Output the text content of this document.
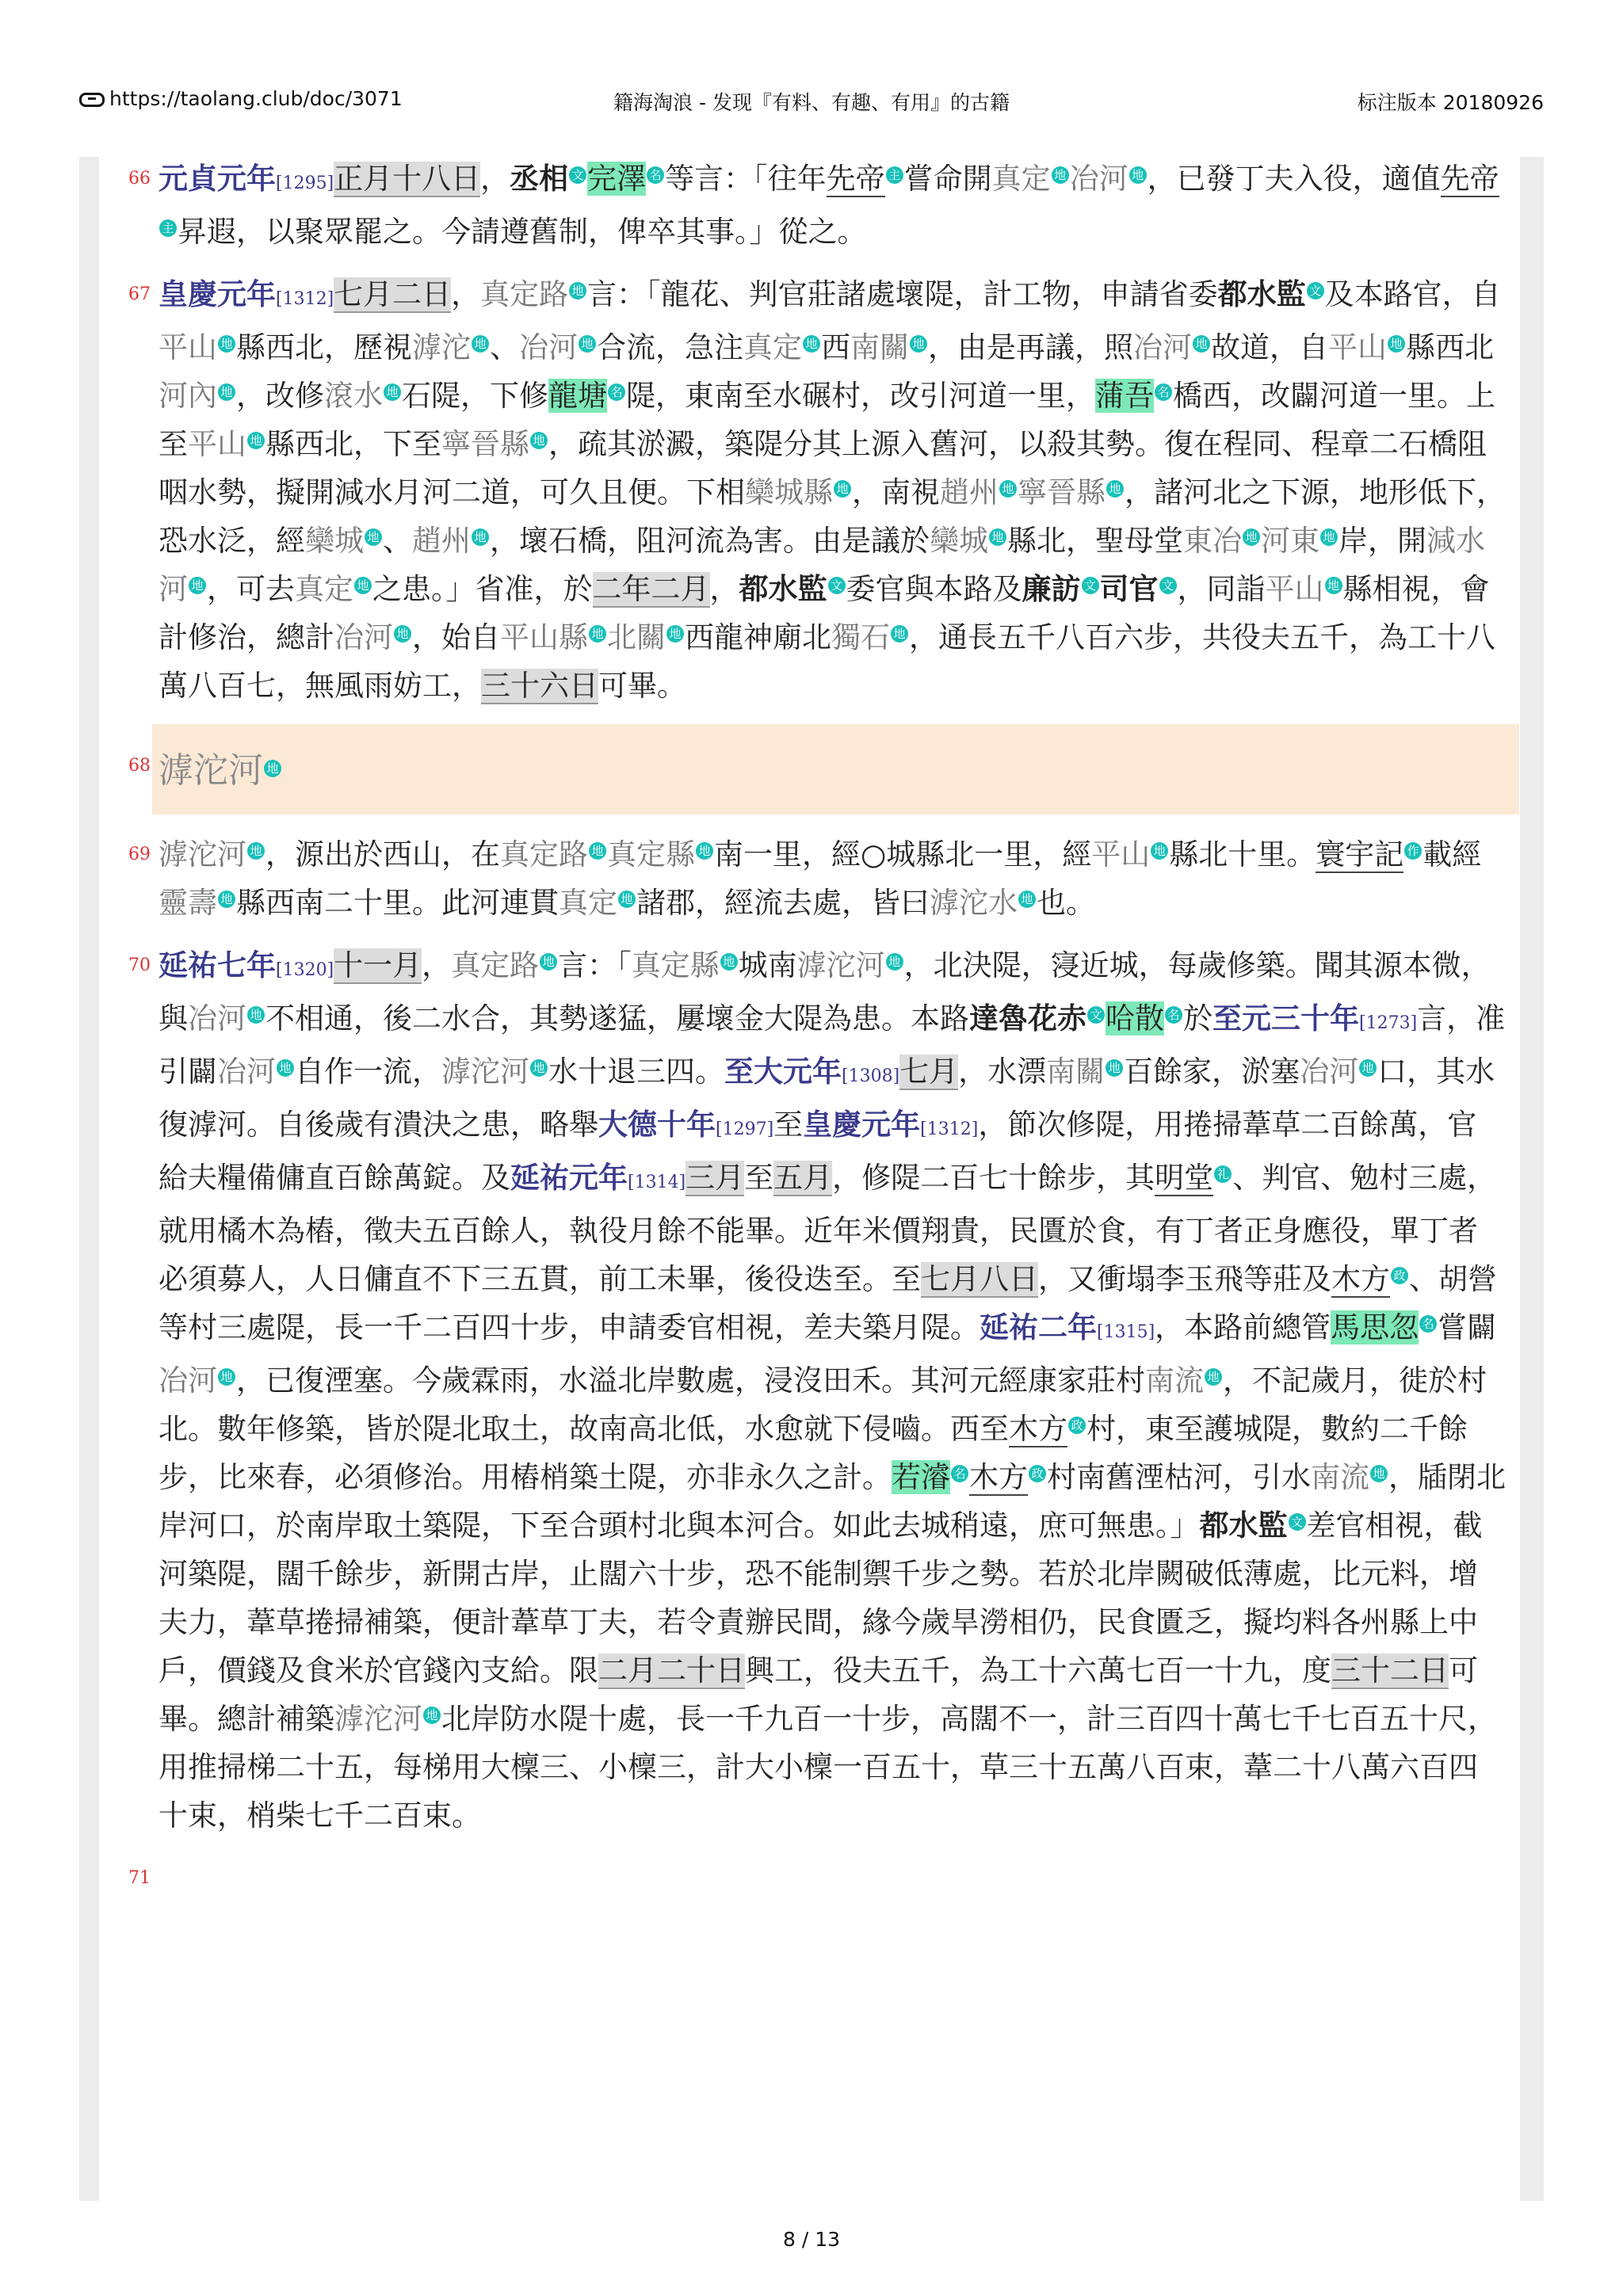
https://taolang.club/doc/3071	籍海淘浪 - 发现『有料、有趣、有用』的古籍	标注版本 20180926
66 元貞元年[1295]正月十八日，丞相 文 完澤 名 等言：「往年先帝 主 嘗命開真定 地 冶河 地 ，已發丁夫入役，適值先帝主 昇遐，以聚眾罷之。今請遵舊制，俾卒其事。」從之。
67 皇慶元年[1312]七月二日，真定路 地 言：「龍花、判官莊諸處壞隄，計工物，申請省委都水監 文 及本路官，自平山 地 縣西北，歷視滹沱 地 、冶河 地 合流，急注真定 地 西南關 地 ，由是再議，照冶河 地 故道，自平山 地 縣西北河內 地 ，改修滾水 地 石隄，下修龍塘 名 隄，東南至水碾村，改引河道一里，蒲吾 名 橋西，改闢河道一里。上至平山 地 縣西北，下至寧晉縣 地 ，疏其淤澱，築隄分其上源入舊河，以殺其勢。復在程同、程章二石橋阻咽水勢，擬開減水月河二道，可久且便。下相欒城縣 地 ，南視趙州 地 寧晉縣 地 ，諸河北之下源，地形低下，恐水泛，經欒城 地 、趙州 地 ，壞石橋，阻河流為害。由是議於欒城 地 縣北，聖母堂東冶 地 河東 地 岸，開減水河 地 ，可去真定 地 之患。」省准，於二年二月，都水監 文 委官與本路及廉訪 文 司官 文 ，同詣平山 地 縣相視，會計修治，總計冶河 地 ，始自平山縣 地 北關 地 西龍神廟北獨石 地 ，通長五千八百六步，共役夫五千，為工十八萬八百七，無風雨妨工，三十六日可畢。
68 滹沱河 地
69 滹沱河 地 ，源出於西山，在真定路 地 真定縣 地 南一里，經○城縣北一里，經平山 地 縣北十里。寰宇記 作 載經靈壽 地 縣西南二十里。此河連貫真定 地 諸郡，經流去處，皆曰滹沱水 地 也。
70 延祐七年[1320]十一月，真定路 地 言：「真定縣 地 城南滹沱河 地 ，北決隄，寖近城，每歲修築。聞其源本微，與冶河 地 不相通，後二水合，其勢遂猛，屢壞金大隄為患。本路達魯花赤 文 哈散 名 於至元三十年[1273]言，准引闢冶河 地 自作一流，滹沱河 地 水十退三四。至大元年[1308]七月，水漂南關 地 百餘家，淤塞冶河 地 口，其水復滹河。自後歲有潰決之患，略舉大德十年[1297]至皇慶元年[1312]，節次修隄，用捲掃葦草二百餘萬，官給夫糧備傭直百餘萬錠。及延祐元年[1314]三月至五月，修隄二百七十餘步，其明堂 礼 、判官、勉村三處，就用橘木為樁，徵夫五百餘人，執役月餘不能畢。近年米價翔貴，民匱於食，有丁者正身應役，單丁者必須募人，人日傭直不下三五貫，前工未畢，後役迭至。至七月八日，又衝塌李玉飛等莊及木方 政 、胡營等村三處隄，長一千二百四十步，申請委官相視，差夫築月隄。延祐二年[1315]，本路前總管馬思忽 名 嘗闢冶河 地 ，已復湮塞。今歲霖雨，水溢北岸數處，浸沒田禾。其河元經康家莊村南流 地 ，不記歲月，徙於村北。數年修築，皆於隄北取土，故南高北低，水愈就下侵嚙。西至木方 政 村，東至護城隄，數約二千餘步，比來春，必須修治。用樁梢築土隄，亦非永久之計。若濬 名 木方 政 村南舊湮枯河，引水南流 地 ，牐閉北岸河口，於南岸取土築隄，下至合頭村北與本河合。如此去城稍遠，庶可無患。」都水監 文 差官相視，截河築隄，闊千餘步，新開古岸，止闊六十步，恐不能制禦千步之勢。若於北岸闕破低薄處，比元料，增夫力，葦草捲掃補築，便計葦草丁夫，若令責辦民間，緣今歲旱澇相仍，民食匱乏，擬均料各州縣上中戶，價錢及食米於官錢內支給。限二月二十日興工，役夫五千，為工十六萬七百一十九，度三十二日可畢。總計補築滹沱河 地 北岸防水隄十處，長一千九百一十步，高闊不一，計三百四十萬七千七百五十尺，用推掃梯二十五，每梯用大檁三、小檁三，計大小檁一百五十，草三十五萬八百束，葦二十八萬六百四十束，梢柴七千二百束。
71
8 / 13
